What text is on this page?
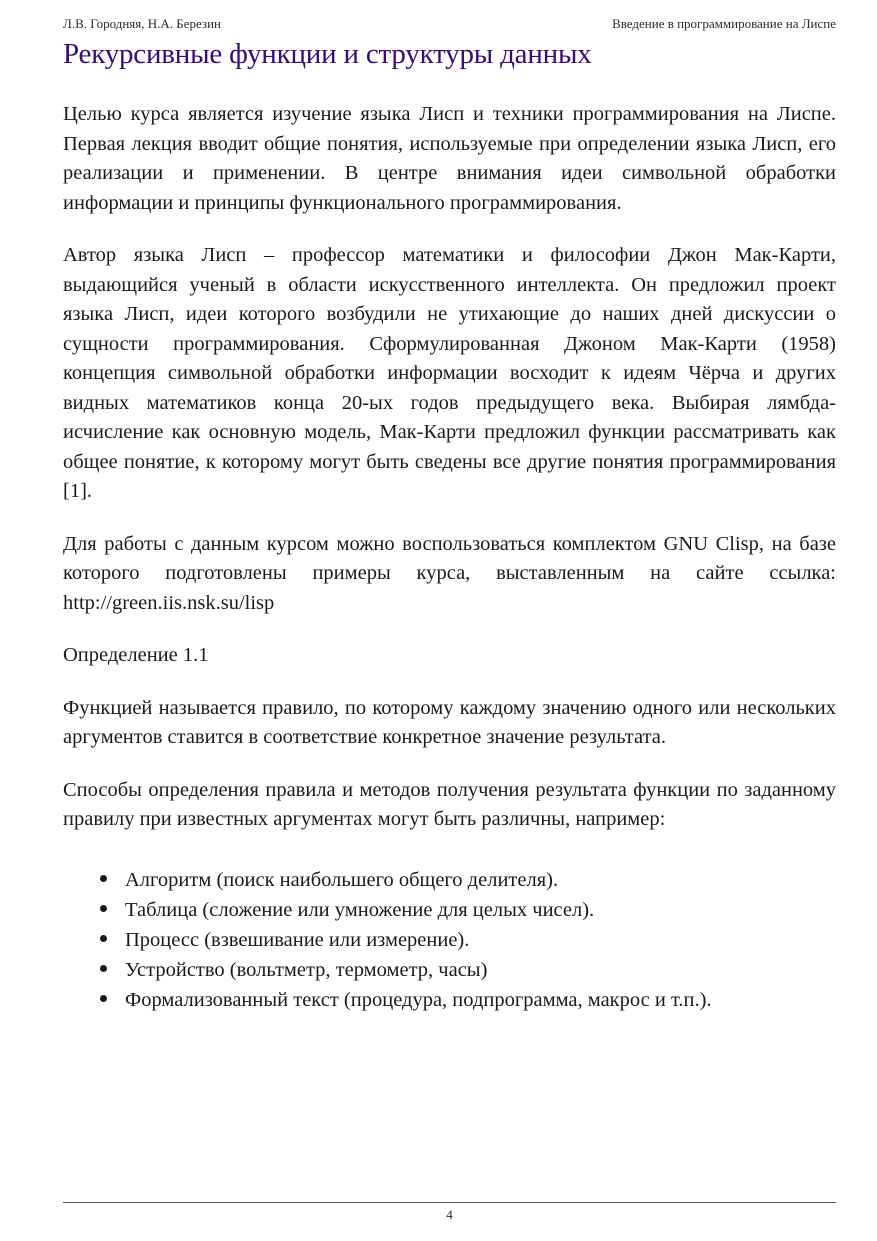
Л.В. Городняя, Н.А. Березин	Введение в программирование на Лиспе
Рекурсивные функции и структуры данных

Целью курса является изучение языка Лисп и техники программирования на Лиспе. Первая лекция вводит общие понятия, используемые при определении языка Лисп, его реализации и применении. В центре внимания идеи символьной обработки информации и принципы функционального программирования.

Автор языка Лисп – профессор математики и философии Джон Мак-Карти, выдающийся ученый в области искусственного интеллекта. Он предложил проект языка Лисп, идеи которого возбудили не утихающие до наших дней дискуссии о сущности программирования. Сформулированная Джоном Мак-Карти (1958) концепция символьной обработки информации восходит к идеям Чёрча и других видных математиков конца 20-ых годов предыдущего века. Выбирая лямбда-исчисление как основную модель, Мак-Карти предложил функции рассматривать как общее понятие, к которому могут быть сведены все другие понятия программирования [1].

Для работы с данным курсом можно воспользоваться комплектом GNU Clisp, на базе которого подготовлены примеры курса, выставленным на сайте ссылка: http://green.iis.nsk.su/lisp

Определение 1.1

Функцией называется правило, по которому каждому значению одного или нескольких аргументов ставится в соответствие конкретное значение результата.

Способы определения правила и методов получения результата функции по заданному правилу при известных аргументах могут быть различны, например:

Алгоритм (поиск наибольшего общего делителя).
Таблица (сложение или умножение для целых чисел).
Процесс (взвешивание или измерение).
Устройство (вольтметр, термометр, часы)
Формализованный текст (процедура, подпрограмма, макрос и т.п.).
4
